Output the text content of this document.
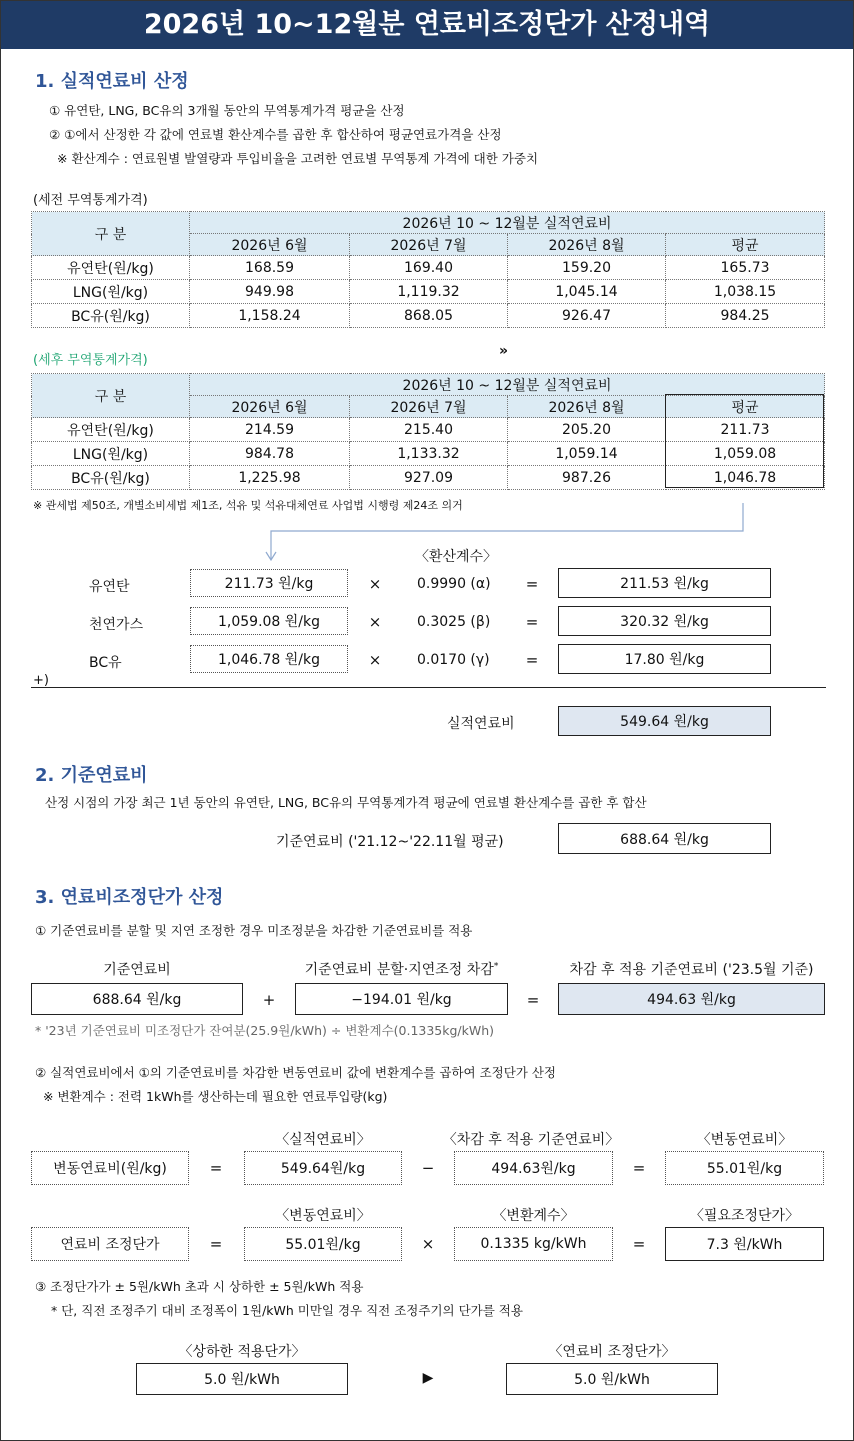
2026년 10~12월분 연료비조정단가 산정내역
1. 실적연료비 산정
① 유연탄, LNG, BC유의 3개월 동안의 무역통계가격 평균을 산정
② ①에서 산정한 각 값에 연료별 환산계수를 곱한 후 합산하여 평균연료가격을 산정
※ 환산계수 : 연료원별 발열량과 투입비율을 고려한 연료별 무역통계 가격에 대한 가중치
(세전 무역통계가격)
구 분	2026년 10 ~ 12월분 실적연료비			
	2026년 6월	2026년 7월	2026년 8월	평균
유연탄(원/kg)	168.59	169.40	159.20	165.73
LNG(원/kg)	949.98	1,119.32	1,045.14	1,038.15
BC유(원/kg)	1,158.24	868.05	926.47	984.25
»
(세후 무역통계가격)
구 분	2026년 10 ~ 12월분 실적연료비			
	2026년 6월	2026년 7월	2026년 8월	평균
유연탄(원/kg)	214.59	215.40	205.20	211.73
LNG(원/kg)	984.78	1,133.32	1,059.14	1,059.08
BC유(원/kg)	1,225.98	927.09	987.26	1,046.78
※ 관세법 제50조, 개별소비세법 제1조, 석유 및 석유대체연료 사업법 시행령 제24조 의거
〈환산계수〉
유연탄	211.73 원/kg	×	0.9990 (α) =	211.53 원/kg
천연가스	1,059.08 원/kg	×	0.3025 (β) =	320.32 원/kg
BC유	1,046.78 원/kg	×	0.0170 (γ) =	17.80 원/kg
+)
실적연료비	549.64 원/kg
2. 기준연료비
산정 시점의 가장 최근 1년 동안의 유연탄, LNG, BC유의 무역통계가격 평균에 연료별 환산계수를 곱한 후 합산
기준연료비 ('21.12~'22.11월 평균)	688.64 원/kg
3. 연료비조정단가 산정
① 기준연료비를 분할 및 지연 조정한 경우 미조정분을 차감한 기준연료비를 적용
기준연료비	기준연료비 분할·지연조정 차감*	차감 후 적용 기준연료비 ('23.5월 기준)
688.64 원/kg	+	−194.01 원/kg	=	494.63 원/kg
* '23년 기준연료비 미조정단가 잔여분(25.9원/kWh) ÷ 변환계수(0.1335kg/kWh)
② 실적연료비에서 ①의 기준연료비를 차감한 변동연료비 값에 변환계수를 곱하여 조정단가 산정
※ 변환계수 : 전력 1kWh를 생산하는데 필요한 연료투입량(kg)
〈실적연료비〉	〈차감 후 적용 기준연료비〉	〈변동연료비〉
변동연료비(원/kg)	=	549.64원/kg	−	494.63원/kg	=	55.01원/kg
〈변동연료비〉	〈변환계수〉	〈필요조정단가〉
연료비 조정단가	=	55.01원/kg	×	0.1335 kg/kWh	=	7.3 원/kWh
③ 조정단가가 ± 5원/kWh 초과 시 상하한 ± 5원/kWh 적용
* 단, 직전 조정주기 대비 조정폭이 1원/kWh 미만일 경우 직전 조정주기의 단가를 적용
〈상하한 적용단가〉	〈연료비 조정단가〉
5.0 원/kWh	▶	5.0 원/kWh
